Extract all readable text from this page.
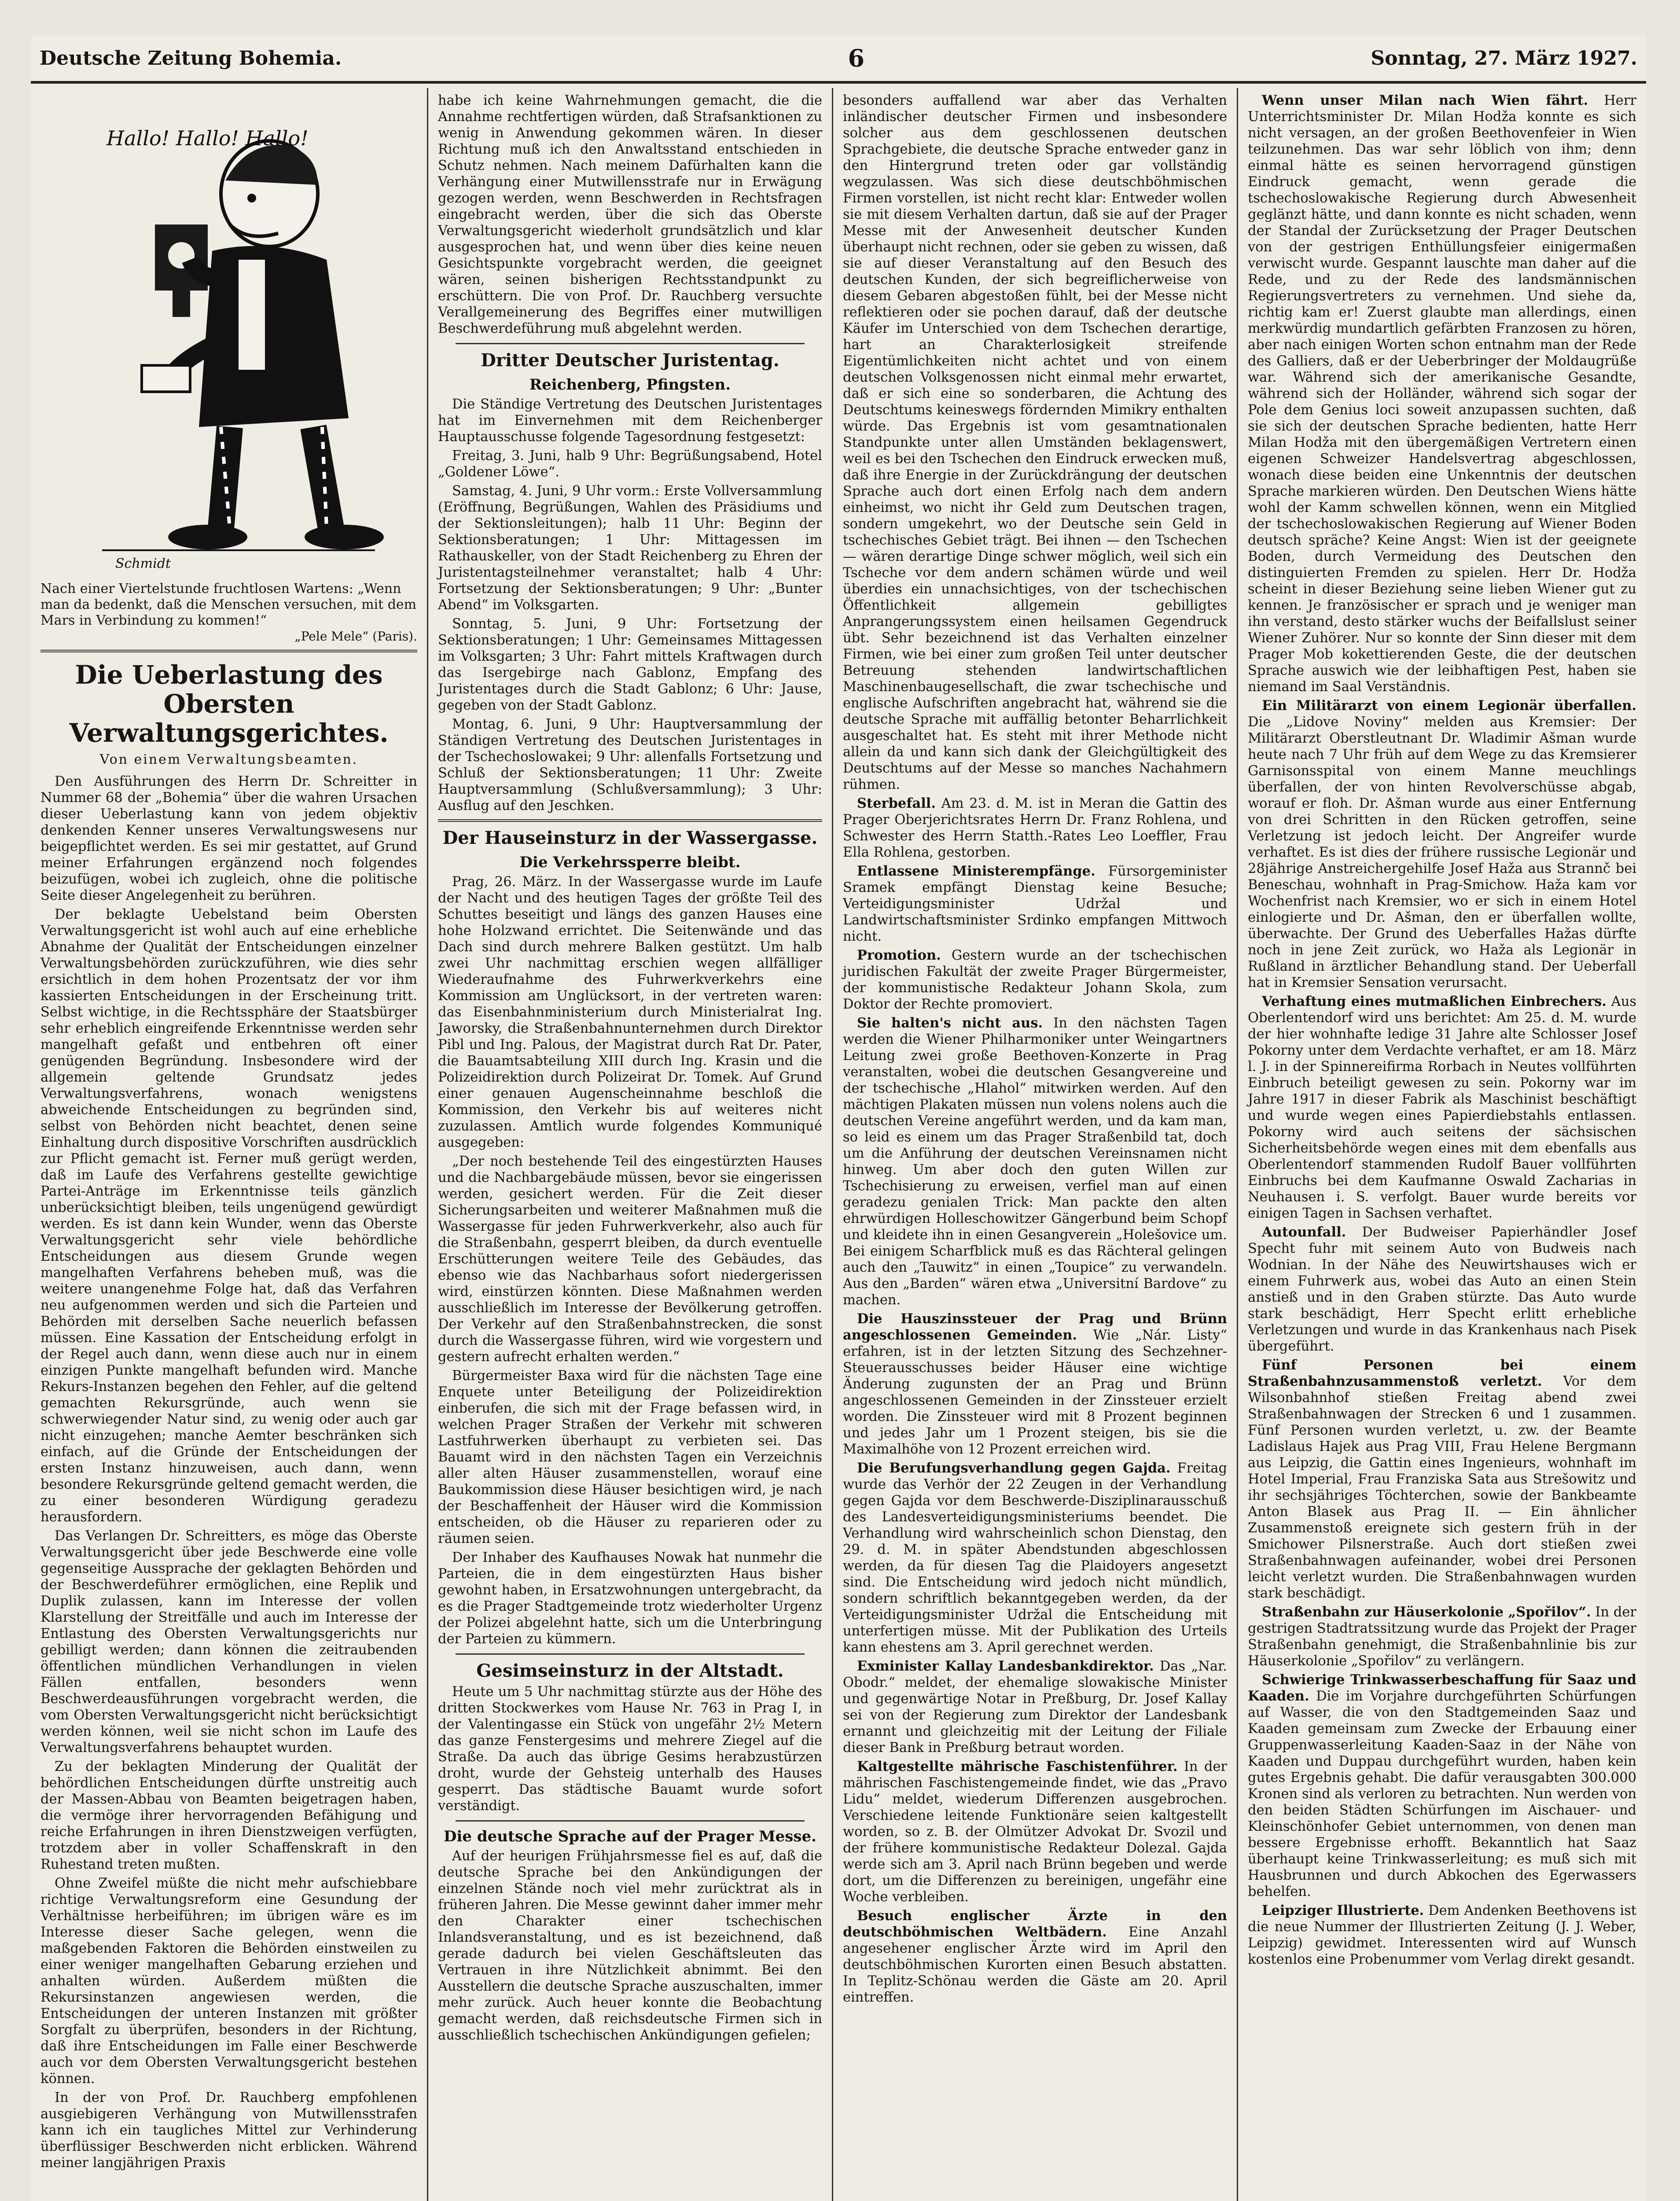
Deutsche Zeitung Bohemia.	6	Sonntag, 27. März 1927.
Hallo! Hallo! Hallo!
Schmidt
Nach einer Viertelstunde fruchtlosen Wartens: „Wenn man da bedenkt, daß die Menschen versuchen, mit dem Mars in Verbindung zu kommen!“
„Pele Mele“ (Paris).
Die Ueberlastung des Obersten Verwaltungsgerichtes.
Von einem Verwaltungsbeamten.

Den Ausführungen des Herrn Dr. Schreitter in Nummer 68 der „Bohemia“ über die wahren Ursachen dieser Ueberlastung kann von jedem objektiv denkenden Kenner unseres Verwaltungswesens nur beigepflichtet werden. Es sei mir gestattet, auf Grund meiner Erfahrungen ergänzend noch folgendes beizufügen, wobei ich zugleich, ohne die politische Seite dieser Angelegenheit zu berühren.

Der beklagte Uebelstand beim Obersten Verwaltungsgericht ist wohl auch auf eine erhebliche Abnahme der Qualität der Entscheidungen einzelner Verwaltungsbehörden zurückzuführen, wie dies sehr ersichtlich in dem hohen Prozentsatz der vor ihm kassierten Entscheidungen in der Erscheinung tritt. Selbst wichtige, in die Rechtssphäre der Staatsbürger sehr erheblich eingreifende Erkenntnisse werden sehr mangelhaft gefaßt und entbehren oft einer genügenden Begründung. Insbesondere wird der allgemein geltende Grundsatz jedes Verwaltungsverfahrens, wonach wenigstens abweichende Entscheidungen zu begründen sind, selbst von Behörden nicht beachtet, denen seine Einhaltung durch dispositive Vorschriften ausdrücklich zur Pflicht gemacht ist. Ferner muß gerügt werden, daß im Laufe des Verfahrens gestellte gewichtige Partei-Anträge im Erkenntnisse teils gänzlich unberücksichtigt bleiben, teils ungenügend gewürdigt werden. Es ist dann kein Wunder, wenn das Oberste Verwaltungsgericht sehr viele behördliche Entscheidungen aus diesem Grunde wegen mangelhaften Verfahrens beheben muß, was die weitere unangenehme Folge hat, daß das Verfahren neu aufgenommen werden und sich die Parteien und Behörden mit derselben Sache neuerlich befassen müssen. Eine Kassation der Entscheidung erfolgt in der Regel auch dann, wenn diese auch nur in einem einzigen Punkte mangelhaft befunden wird. Manche Rekurs-Instanzen begehen den Fehler, auf die geltend gemachten Rekursgründe, auch wenn sie schwerwiegender Natur sind, zu wenig oder auch gar nicht einzugehen; manche Aemter beschränken sich einfach, auf die Gründe der Entscheidungen der ersten Instanz hinzuweisen, auch dann, wenn besondere Rekursgründe geltend gemacht werden, die zu einer besonderen Würdigung geradezu herausfordern.

Das Verlangen Dr. Schreitters, es möge das Oberste Verwaltungsgericht über jede Beschwerde eine volle gegenseitige Aussprache der geklagten Behörden und der Beschwerdeführer ermöglichen, eine Replik und Duplik zulassen, kann im Interesse der vollen Klarstellung der Streitfälle und auch im Interesse der Entlastung des Obersten Verwaltungsgerichts nur gebilligt werden; dann können die zeitraubenden öffentlichen mündlichen Verhandlungen in vielen Fällen entfallen, besonders wenn Beschwerdeausführungen vorgebracht werden, die vom Obersten Verwaltungsgericht nicht berücksichtigt werden können, weil sie nicht schon im Laufe des Verwaltungsverfahrens behauptet wurden.

Zu der beklagten Minderung der Qualität der behördlichen Entscheidungen dürfte unstreitig auch der Massen-Abbau von Beamten beigetragen haben, die vermöge ihrer hervorragenden Befähigung und reiche Erfahrungen in ihren Dienstzweigen verfügten, trotzdem aber in voller Schaffenskraft in den Ruhestand treten mußten.

Ohne Zweifel müßte die nicht mehr aufschiebbare richtige Verwaltungsreform eine Gesundung der Verhältnisse herbeiführen; im übrigen wäre es im Interesse dieser Sache gelegen, wenn die maßgebenden Faktoren die Behörden einstweilen zu einer weniger mangelhaften Gebarung erziehen und anhalten würden. Außerdem müßten die Rekursinstanzen angewiesen werden, die Entscheidungen der unteren Instanzen mit größter Sorgfalt zu überprüfen, besonders in der Richtung, daß ihre Entscheidungen im Falle einer Beschwerde auch vor dem Obersten Verwaltungsgericht bestehen können.

In der von Prof. Dr. Rauchberg empfohlenen ausgiebigeren Verhängung von Mutwillensstrafen kann ich ein taugliches Mittel zur Verhinderung überflüssiger Beschwerden nicht erblicken. Während meiner langjährigen Praxis

habe ich keine Wahrnehmungen gemacht, die die Annahme rechtfertigen würden, daß Strafsanktionen zu wenig in Anwendung gekommen wären. In dieser Richtung muß ich den Anwaltsstand entschieden in Schutz nehmen. Nach meinem Dafürhalten kann die Verhängung einer Mutwillensstrafe nur in Erwägung gezogen werden, wenn Beschwerden in Rechtsfragen eingebracht werden, über die sich das Oberste Verwaltungsgericht wiederholt grundsätzlich und klar ausgesprochen hat, und wenn über dies keine neuen Gesichtspunkte vorgebracht werden, die geeignet wären, seinen bisherigen Rechtsstandpunkt zu erschüttern. Die von Prof. Dr. Rauchberg versuchte Verallgemeinerung des Begriffes einer mutwilligen Beschwerdeführung muß abgelehnt werden.

Dritter Deutscher Juristentag.
Reichenberg, Pfingsten.

Die Ständige Vertretung des Deutschen Juristentages hat im Einvernehmen mit dem Reichenberger Hauptausschusse folgende Tagesordnung festgesetzt:

Freitag, 3. Juni, halb 9 Uhr: Begrüßungsabend, Hotel „Goldener Löwe“.

Samstag, 4. Juni, 9 Uhr vorm.: Erste Vollversammlung (Eröffnung, Begrüßungen, Wahlen des Präsidiums und der Sektionsleitungen); halb 11 Uhr: Beginn der Sektionsberatungen; 1 Uhr: Mittagessen im Rathauskeller, von der Stadt Reichenberg zu Ehren der Juristentagsteilnehmer veranstaltet; halb 4 Uhr: Fortsetzung der Sektionsberatungen; 9 Uhr: „Bunter Abend“ im Volksgarten.

Sonntag, 5. Juni, 9 Uhr: Fortsetzung der Sektionsberatungen; 1 Uhr: Gemeinsames Mittagessen im Volksgarten; 3 Uhr: Fahrt mittels Kraftwagen durch das Isergebirge nach Gablonz, Empfang des Juristentages durch die Stadt Gablonz; 6 Uhr: Jause, gegeben von der Stadt Gablonz.

Montag, 6. Juni, 9 Uhr: Hauptversammlung der Ständigen Vertretung des Deutschen Juristentages in der Tschechoslowakei; 9 Uhr: allenfalls Fortsetzung und Schluß der Sektionsberatungen; 11 Uhr: Zweite Hauptversammlung (Schlußversammlung); 3 Uhr: Ausflug auf den Jeschken.

Der Hauseinsturz in der Wassergasse.
Die Verkehrssperre bleibt.

Prag, 26. März. In der Wassergasse wurde im Laufe der Nacht und des heutigen Tages der größte Teil des Schuttes beseitigt und längs des ganzen Hauses eine hohe Holzwand errichtet. Die Seitenwände und das Dach sind durch mehrere Balken gestützt. Um halb zwei Uhr nachmittag erschien wegen allfälliger Wiederaufnahme des Fuhrwerkverkehrs eine Kommission am Unglücksort, in der vertreten waren: das Eisenbahnministerium durch Ministerialrat Ing. Jaworsky, die Straßenbahnunternehmen durch Direktor Pibl und Ing. Palous, der Magistrat durch Rat Dr. Pater, die Bauamtsabteilung XIII durch Ing. Krasin und die Polizeidirektion durch Polizeirat Dr. Tomek. Auf Grund einer genauen Augenscheinnahme beschloß die Kommission, den Verkehr bis auf weiteres nicht zuzulassen. Amtlich wurde folgendes Kommuniqué ausgegeben:

„Der noch bestehende Teil des eingestürzten Hauses und die Nachbargebäude müssen, bevor sie eingerissen werden, gesichert werden. Für die Zeit dieser Sicherungsarbeiten und weiterer Maßnahmen muß die Wassergasse für jeden Fuhrwerkverkehr, also auch für die Straßenbahn, gesperrt bleiben, da durch eventuelle Erschütterungen weitere Teile des Gebäudes, das ebenso wie das Nachbarhaus sofort niedergerissen wird, einstürzen könnten. Diese Maßnahmen werden ausschließlich im Interesse der Bevölkerung getroffen. Der Verkehr auf den Straßenbahnstrecken, die sonst durch die Wassergasse führen, wird wie vorgestern und gestern aufrecht erhalten werden.“

Bürgermeister Baxa wird für die nächsten Tage eine Enquete unter Beteiligung der Polizeidirektion einberufen, die sich mit der Frage befassen wird, in welchen Prager Straßen der Verkehr mit schweren Lastfuhrwerken überhaupt zu verbieten sei. Das Bauamt wird in den nächsten Tagen ein Verzeichnis aller alten Häuser zusammenstellen, worauf eine Baukommission diese Häuser besichtigen wird, je nach der Beschaffenheit der Häuser wird die Kommission entscheiden, ob die Häuser zu reparieren oder zu räumen seien.

Der Inhaber des Kaufhauses Nowak hat nunmehr die Parteien, die in dem eingestürzten Haus bisher gewohnt haben, in Ersatzwohnungen untergebracht, da es die Prager Stadtgemeinde trotz wiederholter Urgenz der Polizei abgelehnt hatte, sich um die Unterbringung der Parteien zu kümmern.

Gesimseinsturz in der Altstadt.

Heute um 5 Uhr nachmittag stürzte aus der Höhe des dritten Stockwerkes vom Hause Nr. 763 in Prag I, in der Valentingasse ein Stück von ungefähr 2½ Metern das ganze Fenstergesims und mehrere Ziegel auf die Straße. Da auch das übrige Gesims herabzustürzen droht, wurde der Gehsteig unterhalb des Hauses gesperrt. Das städtische Bauamt wurde sofort verständigt.

Die deutsche Sprache auf der Prager Messe.

Auf der heurigen Frühjahrsmesse fiel es auf, daß die deutsche Sprache bei den Ankündigungen der einzelnen Stände noch viel mehr zurücktrat als in früheren Jahren. Die Messe gewinnt daher immer mehr den Charakter einer tschechischen Inlandsveranstaltung, und es ist bezeichnend, daß gerade dadurch bei vielen Geschäftsleuten das Vertrauen in ihre Nützlichkeit abnimmt. Bei den Ausstellern die deutsche Sprache auszuschalten, immer mehr zurück. Auch heuer konnte die Beobachtung gemacht werden, daß reichsdeutsche Firmen sich in ausschließlich tschechischen Ankündigungen gefielen;

besonders auffallend war aber das Verhalten inländischer deutscher Firmen und insbesondere solcher aus dem geschlossenen deutschen Sprachgebiete, die deutsche Sprache entweder ganz in den Hintergrund treten oder gar vollständig wegzulassen. Was sich diese deutschböhmischen Firmen vorstellen, ist nicht recht klar: Entweder wollen sie mit diesem Verhalten dartun, daß sie auf der Prager Messe mit der Anwesenheit deutscher Kunden überhaupt nicht rechnen, oder sie geben zu wissen, daß sie auf dieser Veranstaltung auf den Besuch des deutschen Kunden, der sich begreiflicherweise von diesem Gebaren abgestoßen fühlt, bei der Messe nicht reflektieren oder sie pochen darauf, daß der deutsche Käufer im Unterschied von dem Tschechen derartige, hart an Charakterlosigkeit streifende Eigentümlichkeiten nicht achtet und von einem deutschen Volksgenossen nicht einmal mehr erwartet, daß er sich eine so sonderbaren, die Achtung des Deutschtums keineswegs fördernden Mimikry enthalten würde. Das Ergebnis ist vom gesamtnationalen Standpunkte unter allen Umständen beklagenswert, weil es bei den Tschechen den Eindruck erwecken muß, daß ihre Energie in der Zurückdrängung der deutschen Sprache auch dort einen Erfolg nach dem andern einheimst, wo nicht ihr Geld zum Deutschen tragen, sondern umgekehrt, wo der Deutsche sein Geld in tschechisches Gebiet trägt. Bei ihnen — den Tschechen — wären derartige Dinge schwer möglich, weil sich ein Tscheche vor dem andern schämen würde und weil überdies ein unnachsichtiges, von der tschechischen Öffentlichkeit allgemein gebilligtes Anprangerungssystem einen heilsamen Gegendruck übt. Sehr bezeichnend ist das Verhalten einzelner Firmen, wie bei einer zum großen Teil unter deutscher Betreuung stehenden landwirtschaftlichen Maschinenbaugesellschaft, die zwar tschechische und englische Aufschriften angebracht hat, während sie die deutsche Sprache mit auffällig betonter Beharrlichkeit ausgeschaltet hat. Es steht mit ihrer Methode nicht allein da und kann sich dank der Gleichgültigkeit des Deutschtums auf der Messe so manches Nachahmern rühmen.

Sterbefall. Am 23. d. M. ist in Meran die Gattin des Prager Oberjerichtsrates Herrn Dr. Franz Rohlena, und Schwester des Herrn Statth.-Rates Leo Loeffler, Frau Ella Rohlena, gestorben.

Entlassene Ministerempfänge. Fürsorgeminister Sramek empfängt Dienstag keine Besuche; Verteidigungsminister Udržal und Landwirtschaftsminister Srdinko empfangen Mittwoch nicht.

Promotion. Gestern wurde an der tschechischen juridischen Fakultät der zweite Prager Bürgermeister, der kommunistische Redakteur Johann Skola, zum Doktor der Rechte promoviert.

Sie halten's nicht aus. In den nächsten Tagen werden die Wiener Philharmoniker unter Weingartners Leitung zwei große Beethoven-Konzerte in Prag veranstalten, wobei die deutschen Gesangvereine und der tschechische „Hlahol“ mitwirken werden. Auf den mächtigen Plakaten müssen nun volens nolens auch die deutschen Vereine angeführt werden, und da kam man, so leid es einem um das Prager Straßenbild tat, doch um die Anführung der deutschen Vereinsnamen nicht hinweg. Um aber doch den guten Willen zur Tschechisierung zu erweisen, verfiel man auf einen geradezu genialen Trick: Man packte den alten ehrwürdigen Holleschowitzer Gängerbund beim Schopf und kleidete ihn in einen Gesangverein „Holešovice um. Bei einigem Scharfblick muß es das Rächteral gelingen auch den „Tauwitz“ in einen „Toupice“ zu verwandeln. Aus den „Barden“ wären etwa „Universitní Bardove“ zu machen.

Die Hauszinssteuer der Prag und Brünn angeschlossenen Gemeinden. Wie „Nár. Listy“ erfahren, ist in der letzten Sitzung des Sechzehner-Steuerausschusses beider Häuser eine wichtige Änderung zugunsten der an Prag und Brünn angeschlossenen Gemeinden in der Zinssteuer erzielt worden. Die Zinssteuer wird mit 8 Prozent beginnen und jedes Jahr um 1 Prozent steigen, bis sie die Maximalhöhe von 12 Prozent erreichen wird.

Die Berufungsverhandlung gegen Gajda. Freitag wurde das Verhör der 22 Zeugen in der Verhandlung gegen Gajda vor dem Beschwerde-Disziplinarausschuß des Landesverteidigungsministeriums beendet. Die Verhandlung wird wahrscheinlich schon Dienstag, den 29. d. M. in später Abendstunden abgeschlossen werden, da für diesen Tag die Plaidoyers angesetzt sind. Die Entscheidung wird jedoch nicht mündlich, sondern schriftlich bekanntgegeben werden, da der Verteidigungsminister Udržal die Entscheidung mit unterfertigen müsse. Mit der Publikation des Urteils kann ehestens am 3. April gerechnet werden.

Exminister Kallay Landesbankdirektor. Das „Nar. Obodr.“ meldet, der ehemalige slowakische Minister und gegenwärtige Notar in Preßburg, Dr. Josef Kallay sei von der Regierung zum Direktor der Landesbank ernannt und gleichzeitig mit der Leitung der Filiale dieser Bank in Preßburg betraut worden.

Kaltgestellte mährische Faschistenführer. In der mährischen Faschistengemeinde findet, wie das „Pravo Lidu“ meldet, wiederum Differenzen ausgebrochen. Verschiedene leitende Funktionäre seien kaltgestellt worden, so z. B. der Olmützer Advokat Dr. Svozil und der frühere kommunistische Redakteur Dolezal. Gajda werde sich am 3. April nach Brünn begeben und werde dort, um die Differenzen zu bereinigen, ungefähr eine Woche verbleiben.

Besuch englischer Ärzte in den deutschböhmischen Weltbädern. Eine Anzahl angesehener englischer Ärzte wird im April den deutschböhmischen Kurorten einen Besuch abstatten. In Teplitz-Schönau werden die Gäste am 20. April eintreffen.

Wenn unser Milan nach Wien fährt. Herr Unterrichtsminister Dr. Milan Hodža konnte es sich nicht versagen, an der großen Beethovenfeier in Wien teilzunehmen. Das war sehr löblich von ihm; denn einmal hätte es seinen hervorragend günstigen Eindruck gemacht, wenn gerade die tschechoslowakische Regierung durch Abwesenheit geglänzt hätte, und dann konnte es nicht schaden, wenn der Standal der Zurücksetzung der Prager Deutschen von der gestrigen Enthüllungsfeier einigermaßen verwischt wurde. Gespannt lauschte man daher auf die Rede, und zu der Rede des landsmännischen Regierungsvertreters zu vernehmen. Und siehe da, richtig kam er! Zuerst glaubte man allerdings, einen merkwürdig mundartlich gefärbten Franzosen zu hören, aber nach einigen Worten schon entnahm man der Rede des Galliers, daß er der Ueberbringer der Moldaugrüße war. Während sich der amerikanische Gesandte, während sich der Holländer, während sich sogar der Pole dem Genius loci soweit anzupassen suchten, daß sie sich der deutschen Sprache bedienten, hatte Herr Milan Hodža mit den übergemäßigen Vertretern einen eigenen Schweizer Handelsvertrag abgeschlossen, wonach diese beiden eine Unkenntnis der deutschen Sprache markieren würden. Den Deutschen Wiens hätte wohl der Kamm schwellen können, wenn ein Mitglied der tschechoslowakischen Regierung auf Wiener Boden deutsch spräche? Keine Angst: Wien ist der geeignete Boden, durch Vermeidung des Deutschen den distinguierten Fremden zu spielen. Herr Dr. Hodža scheint in dieser Beziehung seine lieben Wiener gut zu kennen. Je französischer er sprach und je weniger man ihn verstand, desto stärker wuchs der Beifallslust seiner Wiener Zuhörer. Nur so konnte der Sinn dieser mit dem Prager Mob kokettierenden Geste, die der deutschen Sprache auswich wie der leibhaftigen Pest, haben sie niemand im Saal Verständnis.

Ein Militärarzt von einem Legionär überfallen. Die „Lidove Noviny“ melden aus Kremsier: Der Militärarzt Oberstleutnant Dr. Wladimir Ašman wurde heute nach 7 Uhr früh auf dem Wege zu das Kremsierer Garnisonsspital von einem Manne meuchlings überfallen, der von hinten Revolverschüsse abgab, worauf er floh. Dr. Ašman wurde aus einer Entfernung von drei Schritten in den Rücken getroffen, seine Verletzung ist jedoch leicht. Der Angreifer wurde verhaftet. Es ist dies der frühere russische Legionär und 28jährige Anstreichergehilfe Josef Haža aus Strannč bei Beneschau, wohnhaft in Prag-Smichow. Haža kam vor Wochenfrist nach Kremsier, wo er sich in einem Hotel einlogierte und Dr. Ašman, den er überfallen wollte, überwachte. Der Grund des Ueberfalles Hažas dürfte noch in jene Zeit zurück, wo Haža als Legionär in Rußland in ärztlicher Behandlung stand. Der Ueberfall hat in Kremsier Sensation verursacht.

Verhaftung eines mutmaßlichen Einbrechers. Aus Oberlentendorf wird uns berichtet: Am 25. d. M. wurde der hier wohnhafte ledige 31 Jahre alte Schlosser Josef Pokorny unter dem Verdachte verhaftet, er am 18. März l. J. in der Spinnereifirma Rorbach in Neutes vollführten Einbruch beteiligt gewesen zu sein. Pokorny war im Jahre 1917 in dieser Fabrik als Maschinist beschäftigt und wurde wegen eines Papierdiebstahls entlassen. Pokorny wird auch seitens der sächsischen Sicherheitsbehörde wegen eines mit dem ebenfalls aus Oberlentendorf stammenden Rudolf Bauer vollführten Einbruchs bei dem Kaufmanne Oswald Zacharias in Neuhausen i. S. verfolgt. Bauer wurde bereits vor einigen Tagen in Sachsen verhaftet.

Autounfall. Der Budweiser Papierhändler Josef Specht fuhr mit seinem Auto von Budweis nach Wodnian. In der Nähe des Neuwirtshauses wich er einem Fuhrwerk aus, wobei das Auto an einen Stein anstieß und in den Graben stürzte. Das Auto wurde stark beschädigt, Herr Specht erlitt erhebliche Verletzungen und wurde in das Krankenhaus nach Pisek übergeführt.

Fünf Personen bei einem Straßenbahnzusammenstoß verletzt. Vor dem Wilsonbahnhof stießen Freitag abend zwei Straßenbahnwagen der Strecken 6 und 1 zusammen. Fünf Personen wurden verletzt, u. zw. der Beamte Ladislaus Hajek aus Prag VIII, Frau Helene Bergmann aus Leipzig, die Gattin eines Ingenieurs, wohnhaft im Hotel Imperial, Frau Franziska Sata aus Strešowitz und ihr sechsjähriges Töchterchen, sowie der Bankbeamte Anton Blasek aus Prag II. — Ein ähnlicher Zusammenstoß ereignete sich gestern früh in der Smichower Pilsnerstraße. Auch dort stießen zwei Straßenbahnwagen aufeinander, wobei drei Personen leicht verletzt wurden. Die Straßenbahnwagen wurden stark beschädigt.

Straßenbahn zur Häuserkolonie „Spořilov“. In der gestrigen Stadtratssitzung wurde das Projekt der Prager Straßenbahn genehmigt, die Straßenbahnlinie bis zur Häuserkolonie „Spořilov“ zu verlängern.

Schwierige Trinkwasserbeschaffung für Saaz und Kaaden. Die im Vorjahre durchgeführten Schürfungen auf Wasser, die von den Stadtgemeinden Saaz und Kaaden gemeinsam zum Zwecke der Erbauung einer Gruppenwasserleitung Kaaden-Saaz in der Nähe von Kaaden und Duppau durchgeführt wurden, haben kein gutes Ergebnis gehabt. Die dafür verausgabten 300.000 Kronen sind als verloren zu betrachten. Nun werden von den beiden Städten Schürfungen im Aischauer- und Kleinschönhofer Gebiet unternommen, von denen man bessere Ergebnisse erhofft. Bekanntlich hat Saaz überhaupt keine Trinkwasserleitung; es muß sich mit Hausbrunnen und durch Abkochen des Egerwassers behelfen.

Leipziger Illustrierte. Dem Andenken Beethovens ist die neue Nummer der Illustrierten Zeitung (J. J. Weber, Leipzig) gewidmet. Interessenten wird auf Wunsch kostenlos eine Probenummer vom Verlag direkt gesandt.
